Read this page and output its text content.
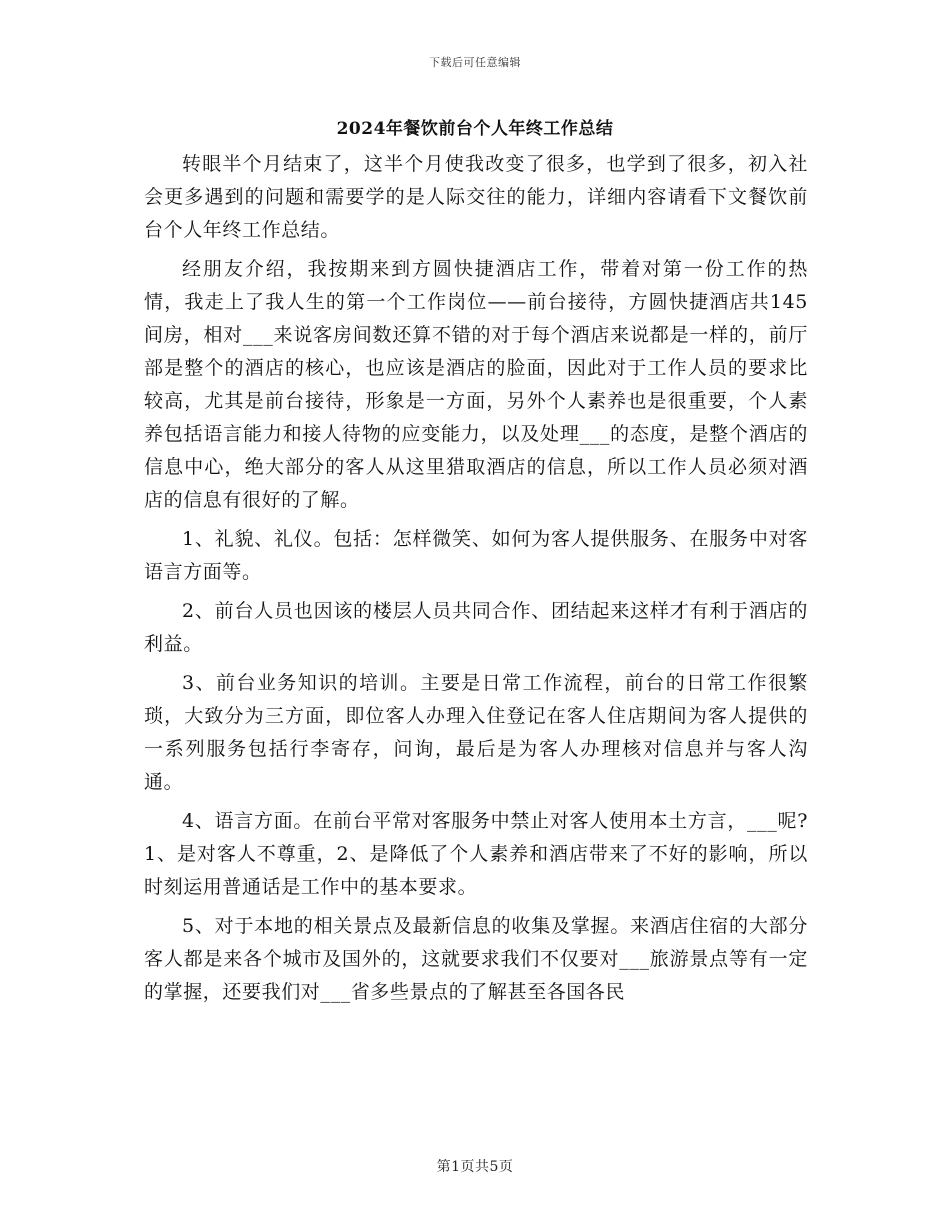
下载后可任意编辑
2024年餐饮前台个人年终工作总结

转眼半个月结束了，这半个月使我改变了很多，也学到了很多，初入社会更多遇到的问题和需要学的是人际交往的能力，详细内容请看下文餐饮前台个人年终工作总结。

经朋友介绍，我按期来到方圆快捷酒店工作，带着对第一份工作的热情，我走上了我人生的第一个工作岗位——前台接待，方圆快捷酒店共145间房，相对___来说客房间数还算不错的对于每个酒店来说都是一样的，前厅部是整个的酒店的核心，也应该是酒店的脸面，因此对于工作人员的要求比较高，尤其是前台接待，形象是一方面，另外个人素养也是很重要，个人素养包括语言能力和接人待物的应变能力，以及处理___的态度，是整个酒店的信息中心，绝大部分的客人从这里猎取酒店的信息，所以工作人员必须对酒店的信息有很好的了解。

1、礼貌、礼仪。包括：怎样微笑、如何为客人提供服务、在服务中对客语言方面等。

2、前台人员也因该的楼层人员共同合作、团结起来这样才有利于酒店的利益。

3、前台业务知识的培训。主要是日常工作流程，前台的日常工作很繁琐，大致分为三方面，即位客人办理入住登记在客人住店期间为客人提供的一系列服务包括行李寄存，问询，最后是为客人办理核对信息并与客人沟通。

4、语言方面。在前台平常对客服务中禁止对客人使用本土方言，___呢?1、是对客人不尊重，2、是降低了个人素养和酒店带来了不好的影响，所以时刻运用普通话是工作中的基本要求。

5、对于本地的相关景点及最新信息的收集及掌握。来酒店住宿的大部分客人都是来各个城市及国外的，这就要求我们不仅要对___旅游景点等有一定的掌握，还要我们对___省多些景点的了解甚至各国各民

第1页共5页
